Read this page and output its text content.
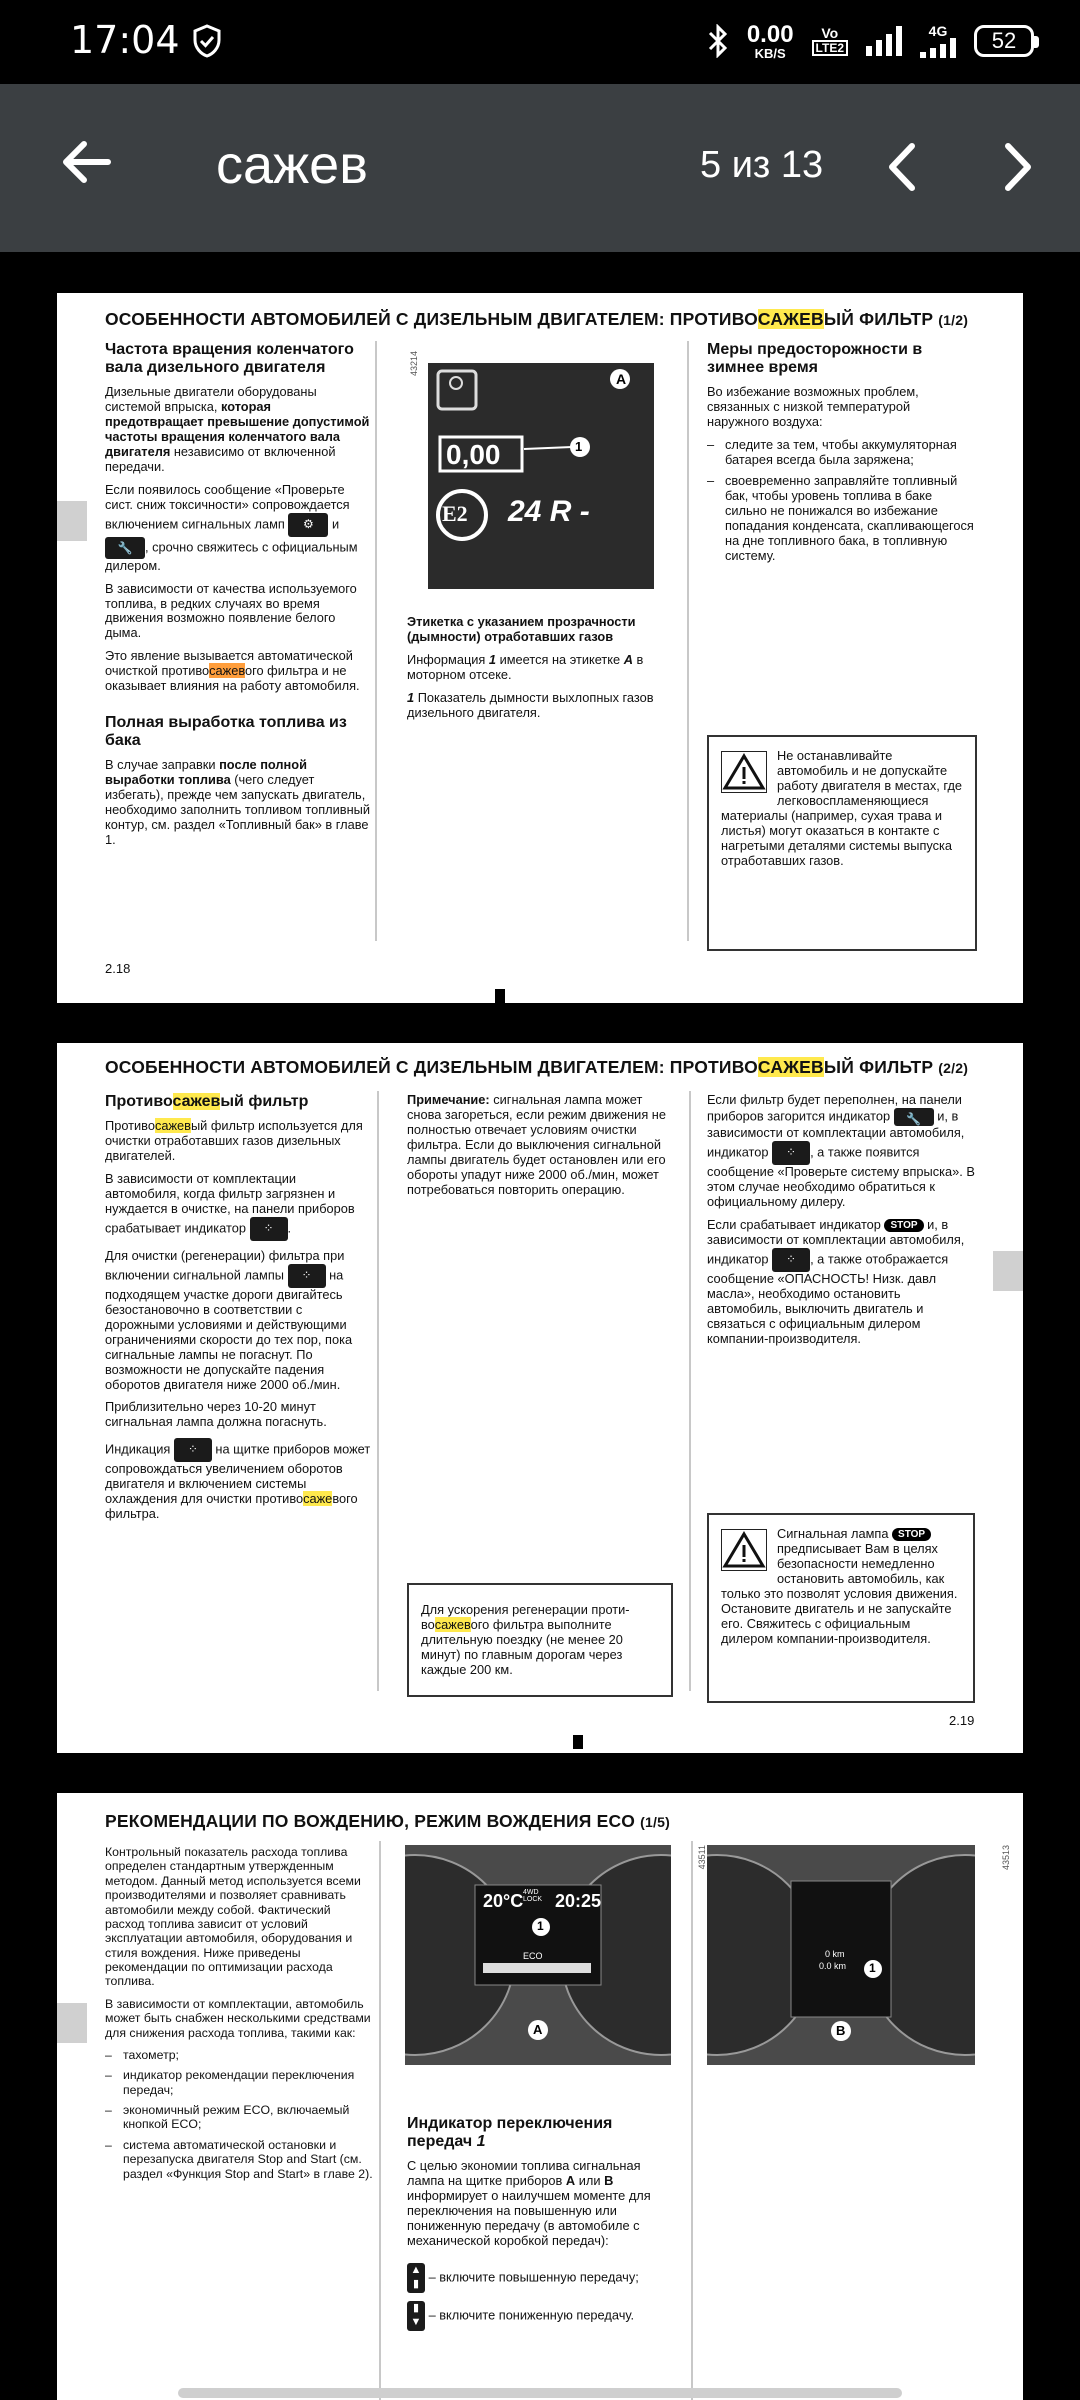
17:04	0.00
KB/S
Vo
LTE2
4G 52
сажев	5 из 13
ОСОБЕННОСТИ АВТОМОБИЛЕЙ С ДИЗЕЛЬНЫМ ДВИГАТЕЛЕМ: ПРОТИВОСАЖЕВЫЙ ФИЛЬТР (1/2)
Частота вращения коленчатого вала дизельного двигателя

Дизельные двигатели оборудованы системой впрыска, которая предотвращает превышение допустимой частоты вращения коленчатого вала двигателя независимо от включенной передачи.

Если появилось сообщение «Проверьте сист. сниж токсичности» сопровождается включением сигнальных ламп ⚙ и 🔧 , срочно свяжитесь с официальным дилером.

В зависимости от качества используемого топлива, в редких случаях во время движения возможно появление белого дыма.

Это явление вызывается автоматической очисткой противосажевого фильтра и не оказывает влияния на работу автомобиля.

Полная выработка топлива из бака

В случае заправки после полной выработки топлива (чего следует избегать), прежде чем запускать двигатель, необходимо заполнить топливом топливный контур, см. раздел «Топливный бак» в главе 1.

43214
A
0,00	1
E2 24 R -

Этикетка с указанием прозрачности (дымности) отработавших газов

Информация 1 имеется на этикетке A в моторном отсеке.

1 Показатель дымности выхлопных газов дизельного двигателя.

Меры предосторожности в зимнее время

Во избежание возможных проблем, связанных с низкой температурой наружного воздуха:

– следите за тем, чтобы аккумуляторная батарея всегда была заряжена;
– своевременно заправляйте топливный бак, чтобы уровень топлива в баке сильно не понижался во избежание попадания конденсата, скапливающегося на дне топливного бака, в топливную систему.
Не останавливайте автомобиль и не допускайте работу двигателя в местах, где легковоспламеняющиеся материалы (например, сухая трава и листья) могут оказаться в контакте с нагретыми деталями системы выпуска отработавших газов.
2.18
ОСОБЕННОСТИ АВТОМОБИЛЕЙ С ДИЗЕЛЬНЫМ ДВИГАТЕЛЕМ: ПРОТИВОСАЖЕВЫЙ ФИЛЬТР (2/2)
Противосажевый фильтр

Противосажевый фильтр используется для очистки отработавших газов дизельных двигателей.

В зависимости от комплектации автомобиля, когда фильтр загрязнен и нуждается в очистке, на панели приборов срабатывает индикатор ⁘ .

Для очистки (регенерации) фильтра при включении сигнальной лампы ⁘ на подходящем участке дороги двигайтесь безостановочно в соответствии с дорожными условиями и действующими ограничениями скорости до тех пор, пока сигнальные лампы не погаснут. По возможности не допускайте падения оборотов двигателя ниже 2000 об./мин.

Приблизительно через 10-20 минут сигнальная лампа должна погаснуть.

Индикация ⁘ на щитке приборов может сопровождаться увеличением оборотов двигателя и включением системы охлаждения для очистки противосажевого фильтра.

Примечание: сигнальная лампа может снова загореться, если режим движения не полностью отвечает условиям очистки фильтра. Если до выключения сигнальной лампы двигатель будет остановлен или его обороты упадут ниже 2000 об./мин, может потребоваться повторить операцию.

Для ускорения регенерации проти-восажевого фильтра выполните длительную поездку (не менее 20 минут) по главным дорогам через каждые 200 км.

Если фильтр будет переполнен, на панели приборов загорится индикатор 🔧 и, в зависимости от комплектации автомобиля, индикатор ⁘ , а также появится сообщение «Проверьте систему впрыска». В этом случае необходимо обратиться к официальному дилеру.

Если срабатывает индикатор STOP и, в зависимости от комплектации автомобиля, индикатор ⁘ , а также отображается сообщение «ОПАСНОСТЬ! Низк. давл масла», необходимо остановить автомобиль, выключить двигатель и связаться с официальным дилером компании-производителя.

Сигнальная лампа STOP предписывает Вам в целях безопасности немедленно остановить автомобиль, как только это позволят условия движения. Остановите двигатель и не запускайте его. Свяжитесь с официальным дилером компании-производителя.
2.19
РЕКОМЕНДАЦИИ ПО ВОЖДЕНИЮ, РЕЖИМ ВОЖДЕНИЯ ECO (1/5)

Контрольный показатель расхода топлива определен стандартным утвержденным методом. Данный метод используется всеми производителями и позволяет сравнивать автомобили между собой. Фактический расход топлива зависит от условий эксплуатации автомобиля, оборудования и стиля вождения. Ниже приведены рекомендации по оптимизации расхода топлива.

В зависимости от комплектации, автомобиль может быть снабжен несколькими средствами для снижения расхода топлива, такими как:

– тахометр;
– индикатор рекомендации переключения передач;
– экономичный режим ECO, включаемый кнопкой ECO;
– система автоматической остановки и перезапуска двигателя Stop and Start (см. раздел «Функция Stop and Start» в главе 2).
43511
20°C 4WD LOCK 20:25
ECO
1
A
43513
0 km
0.0 km 1
B
Индикатор переключения передач 1

С целью экономии топлива сигнальная лампа на щитке приборов A или B информирует о наилучшем моменте для переключения на повышенную или пониженную передачу (в автомобиле с механической коробкой передач):

▲
▮ – включите повышенную передачу;

▮
▼ – включите пониженную передачу.
